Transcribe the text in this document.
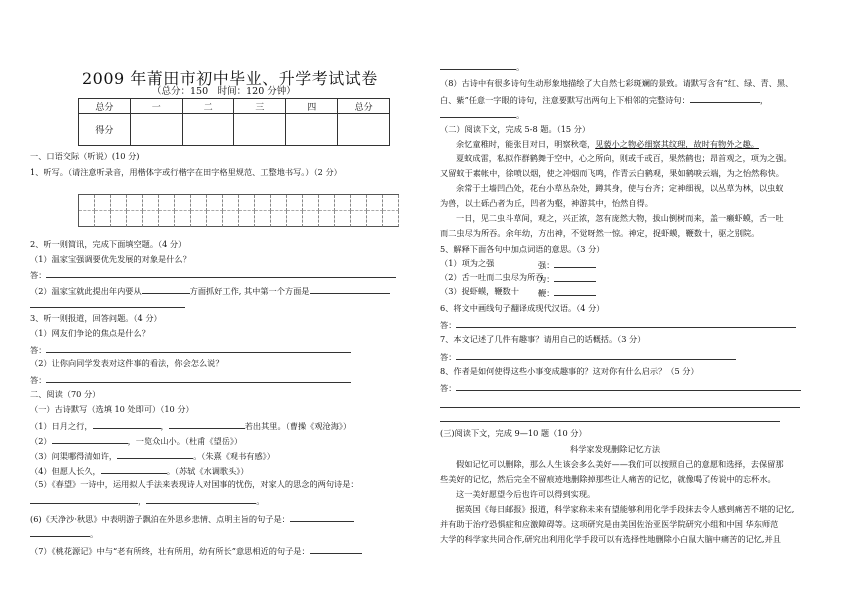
2009 年莆田市初中毕业、升学考试试卷
（总分：150　时间：120 分钟）
总分	一	二	三	四	总分
得分					
一、口语交际（听说）(10 分)
1、听写。（请注意听录音，用楷体字或行楷字在田字格里规范、工整地书写。）（2 分）
2、听一则简讯，完成下面填空题。（4 分）
（1）温家宝强调要优先发展的对象是什么？
答：
（2）温家宝就此提出年内要从	方面抓好工作, 其中第一个方面是
3、听一则报道，回答问题。（4 分）
（1）网友们争论的焦点是什么？
答：
（2）让你向同学发表对这件事的看法，你会怎么说？
答：
二、阅读（70 分）
（一）古诗默写（选填 10 处即可）（10 分）
（1）日月之行，	，	若出其里。（曹操《观沧海》）
（2）	，一览众山小。（杜甫《望岳》）
（3）问渠哪得清如许，	。（朱熹《观书有感》）
（4）但愿人长久，	。（苏轼《水调歌头》）
（5）《春望》一诗中，运用拟人手法来表现诗人对国事的忧伤，对家人的思念的两句诗是：
，	。
(6)《天净沙·秋思》中表明游子飘泊在外思乡悲情、点明主旨的句子是：
。
（7）《桃花源记》中与“老有所终，壮有所用，幼有所长”意思相近的句子是：
。
（8）古诗中有很多诗句生动形象地描绘了大自然七彩斑斓的景致。请默写含有“红、绿、青、黑、
白、紫”任意一字眼的诗句，注意要默写出两句上下相邻的完整诗句：	，
。
（二）阅读下文，完成 5-8 题。（15 分）
余忆童稚时，能张目对日，明察秋毫，见藐小之物必细察其纹理，故时有物外之趣。
夏蚊成雷，私拟作群鹤舞于空中，心之所向，则或千或百，果然鹤也；昂首观之，项为之强。
又留蚊于素帐中，徐喷以烟，使之冲烟而飞鸣，作青云白鹤观，果如鹤唳云端，为之怡然称快。
余常于土墙凹凸处，花台小草丛杂处，蹲其身，使与台齐；定神细视，以丛草为林，以虫蚁
为兽，以土砾凸者为丘，凹者为壑，神游其中，怡然自得。
一日，见二虫斗草间，观之，兴正浓，忽有庞然大物，拔山倒树而来，盖一癞虾蟆，舌一吐
而二虫尽为所吞。余年幼，方出神，不觉呀然一惊。神定，捉虾蟆，鞭数十，驱之别院。
5、解释下面各句中加点词语的意思。（3 分）
（1）项为之强	强：
（2）舌一吐而二虫尽为所吞
为：
（3）捉虾蟆，鞭数十 鞭：
6、将文中画线句子翻译成现代汉语。（4 分）
答：
7、本文记述了几件有趣事？请用自己的话概括。（3 分）
答：
8、作者是如何使得这些小事变成趣事的？这对你有什么启示？（5 分）
答：
(三)阅读下文，完成 9—10 题（10 分）
科学家发现删除记忆方法
假如记忆可以删除，那么人生该会多么美好——我们可以按照自己的意愿和选择，去保留那
些美好的记忆，然后完全不留痕迹地删除掉那些让人痛苦的记忆，就像喝了传说中的忘杯水。
这一美好愿望今后也许可以得到实现。
据英国《每日邮报》报道，科学家称未来有望能够利用化学手段抹去令人感到痛苦不堪的记忆,
并有助于治疗恐惧症和应激障碍等。这项研究是由美国佐治亚医学院研究小组和中国 华东师范
大学的科学家共同合作,研究出利用化学手段可以有选择性地删除小白鼠大脑中痛苦的记忆,并且
